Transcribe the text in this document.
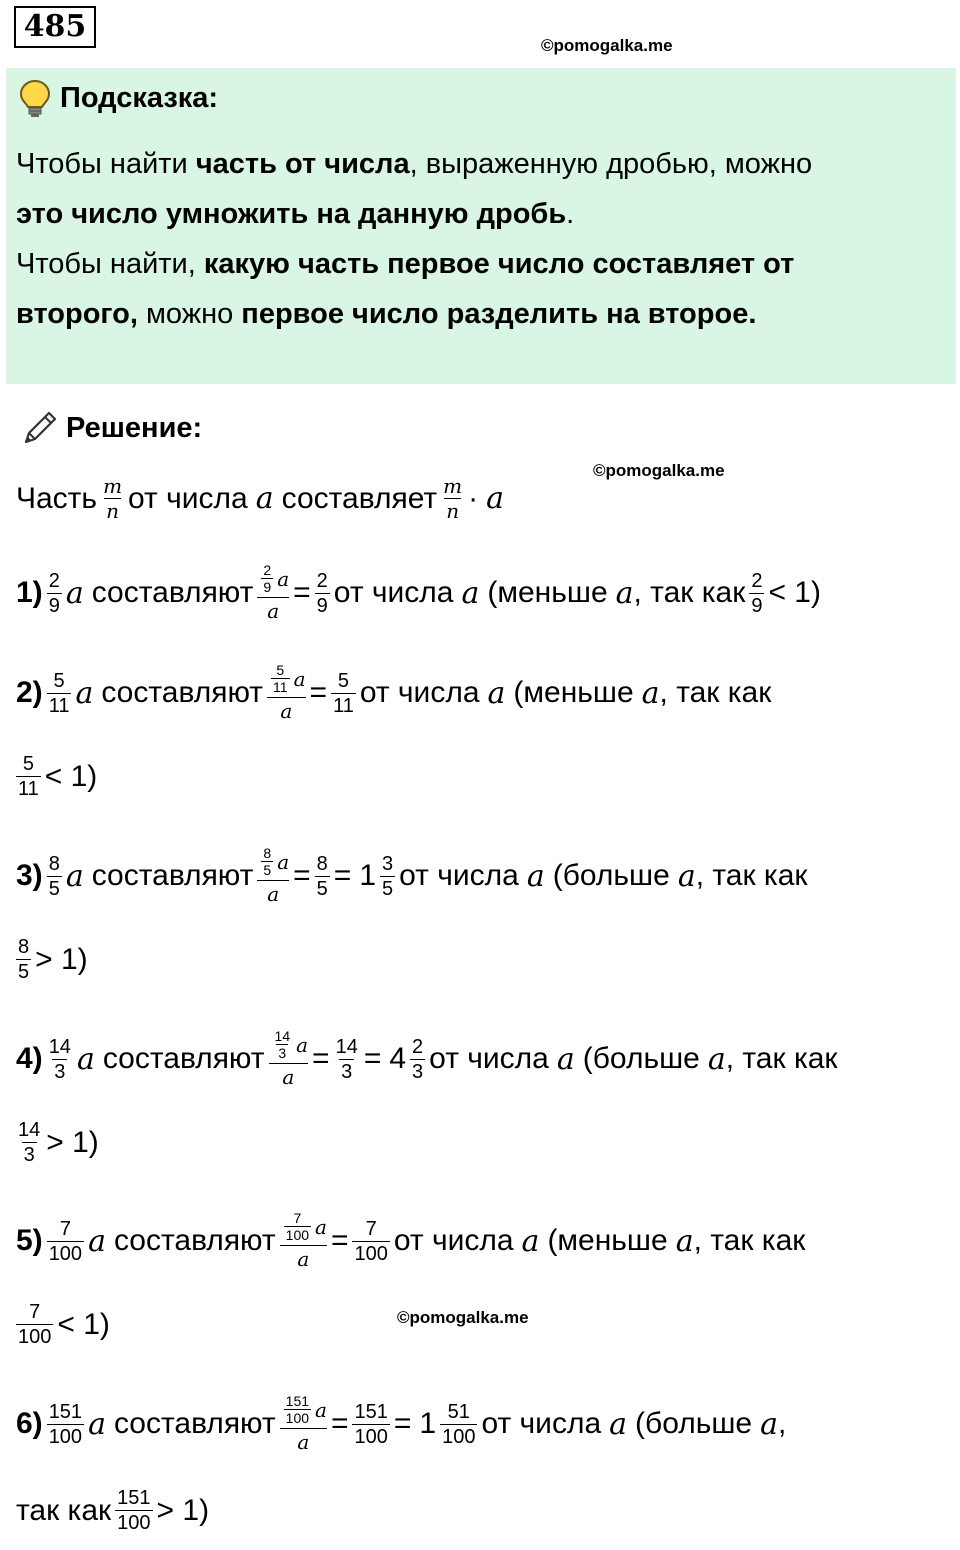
485
©pomogalka.me
Подсказка:
Чтобы найти часть от числа, выраженную дробью, можно
это число умножить на данную дробь.
Чтобы найти, какую часть первое число составляет от
второго, можно первое число разделить на второе.
Решение:
©pomogalka.me
Часть $\frac{m}{n}$ от числа a составляет $\frac{m}{n} \cdot a$
$1) \frac{2}{9}$ a составляют $\frac{\frac{2}{9} a}{a} = \frac{2}{9}$ от числа a (меньше a , так как $\frac{2}{9} < 1$)
$2) \frac{5}{11}$ a составляют $\frac{\frac{5}{11} a}{a} = \frac{5}{11}$ от числа a (меньше a , так как
$\frac{5}{11} < 1$)
$3) \frac{8}{5}$ a составляют $\frac{\frac{8}{5} a}{a} = \frac{8}{5} = 1 \frac{3}{5}$ от числа a (больше a , так как
$\frac{8}{5} > 1$)
$4) \frac{14}{3}$ a составляют $\frac{\frac{14}{3} a}{a} = \frac{14}{3} = 4 \frac{2}{3}$ от числа a (больше a , так как
$\frac{14}{3} > 1$)
$5) \frac{7}{100}$ a составляют $\frac{\frac{7}{100} a}{a} = \frac{7}{100}$ от числа a (меньше a , так как
$\frac{7}{100} < 1$)	©pomogalka.me
$6) \frac{151}{100}$ a составляют $\frac{\frac{151}{100} a}{a} = \frac{151}{100} = 1 \frac{51}{100}$ от числа a (больше a ,
так как $\frac{151}{100} > 1$)
